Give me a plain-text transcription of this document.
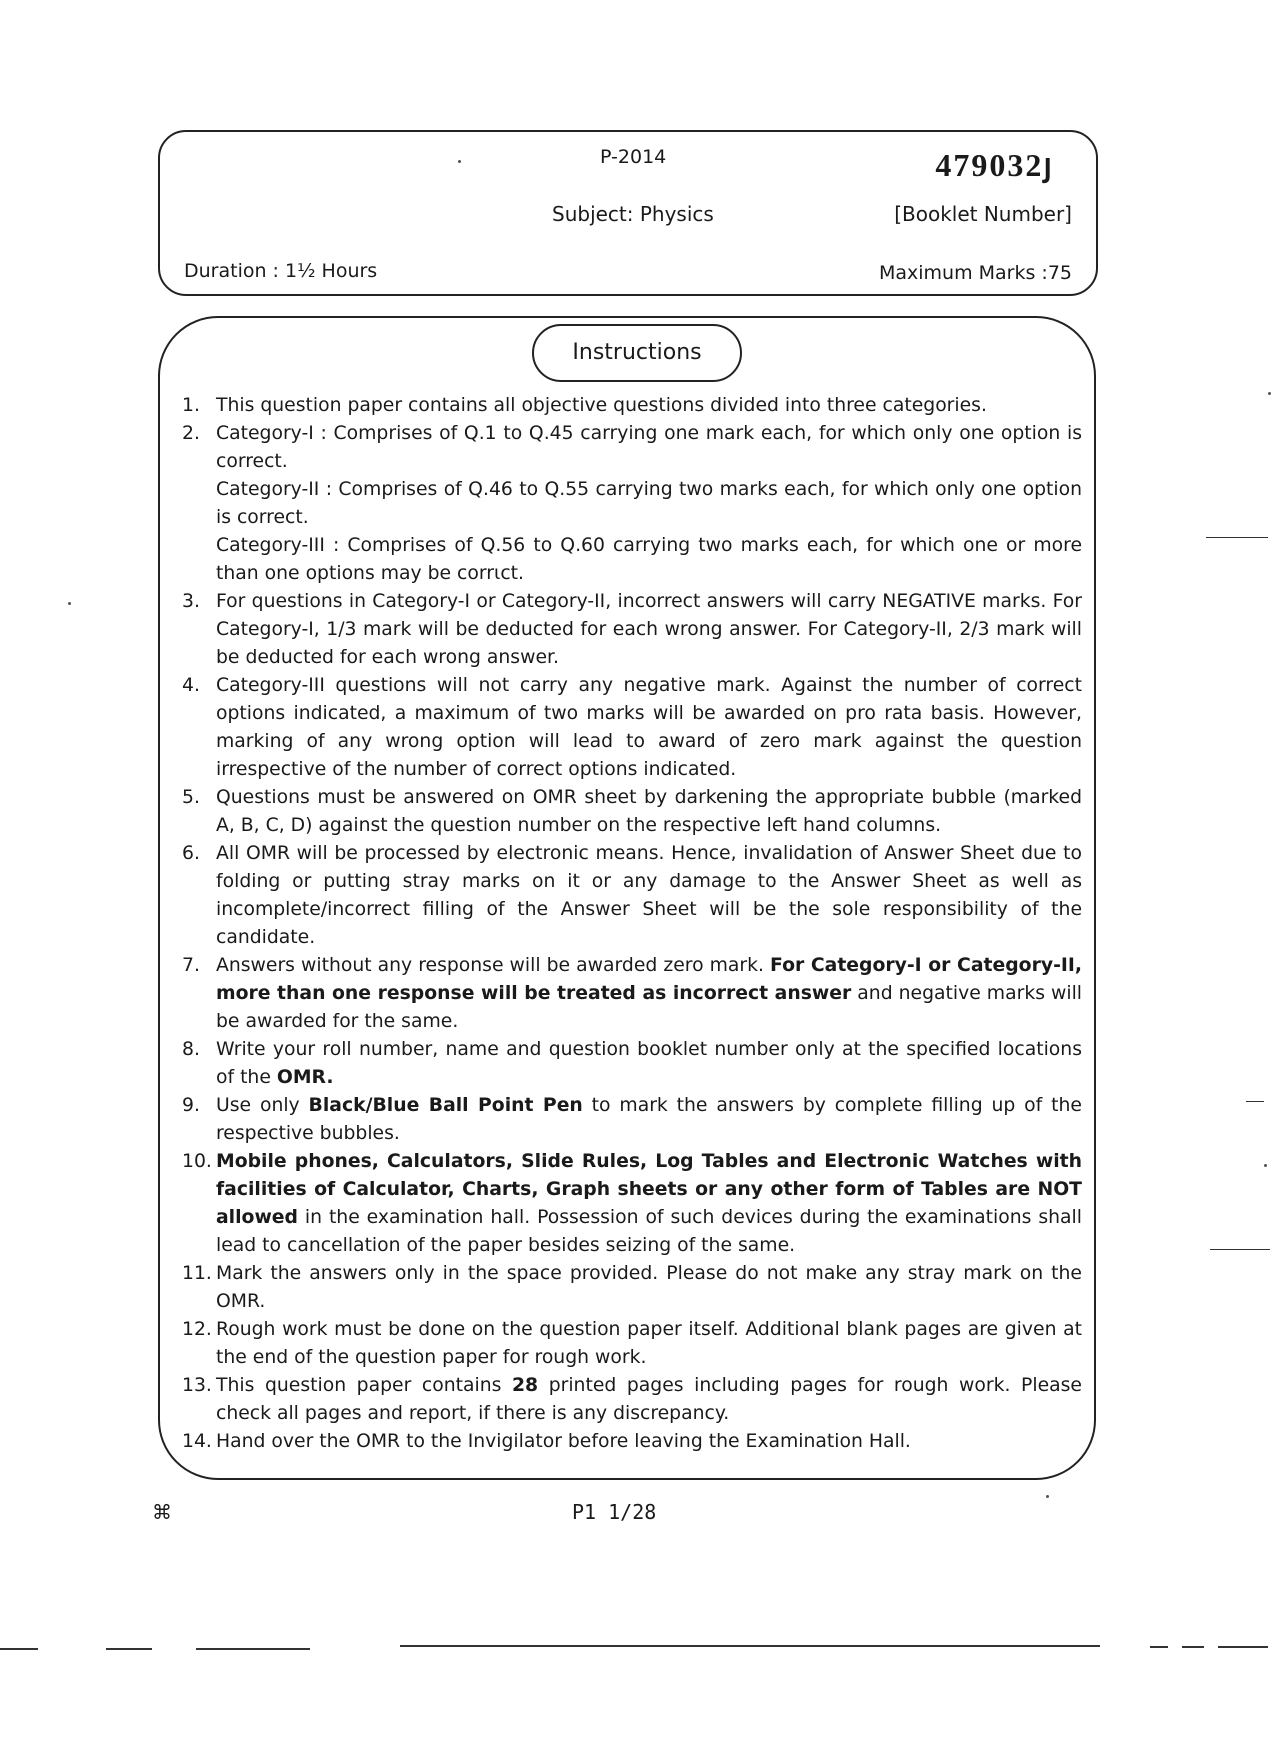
P-2014	479032յ
Subject: Physics	[Booklet Number]
Duration : 1½ Hours	Maximum Marks :75
Instructions
1. This question paper contains all objective questions divided into three categories.

2. Category-I : Comprises of Q.1 to Q.45 carrying one mark each, for which only one option is correct.

Category-II : Comprises of Q.46 to Q.55 carrying two marks each, for which only one option is correct.

Category-III : Comprises of Q.56 to Q.60 carrying two marks each, for which one or more than one options may be corrɩct.

3. For questions in Category-I or Category-II, incorrect answers will carry NEGATIVE marks. For Category-I, 1/3 mark will be deducted for each wrong answer. For Category-II, 2/3 mark will be deducted for each wrong answer.

4. Category-III questions will not carry any negative mark. Against the number of correct options indicated, a maximum of two marks will be awarded on pro rata basis. However, marking of any wrong option will lead to award of zero mark against the question irrespective of the number of correct options indicated.

5. Questions must be answered on OMR sheet by darkening the appropriate bubble (marked A, B, C, D) against the question number on the respective left hand columns.

6. All OMR will be processed by electronic means. Hence, invalidation of Answer Sheet due to folding or putting stray marks on it or any damage to the Answer Sheet as well as incomplete/incorrect filling of the Answer Sheet will be the sole responsibility of the candidate.

7. Answers without any response will be awarded zero mark. For Category-I or Category-II, more than one response will be treated as incorrect answer and negative marks will be awarded for the same.

8. Write your roll number, name and question booklet number only at the specified locations of the OMR.

9. Use only Black/Blue Ball Point Pen to mark the answers by complete filling up of the respective bubbles.

10. Mobile phones, Calculators, Slide Rules, Log Tables and Electronic Watches with facilities of Calculator, Charts, Graph sheets or any other form of Tables are NOT allowed in the examination hall. Possession of such devices during the examinations shall lead to cancellation of the paper besides seizing of the same.

11. Mark the answers only in the space provided. Please do not make any stray mark on the OMR.

12. Rough work must be done on the question paper itself. Additional blank pages are given at the end of the question paper for rough work.

13. This question paper contains 28 printed pages including pages for rough work. Please check all pages and report, if there is any discrepancy.

14. Hand over the OMR to the Invigilator before leaving the Examination Hall.

⌘	P1 1/28
